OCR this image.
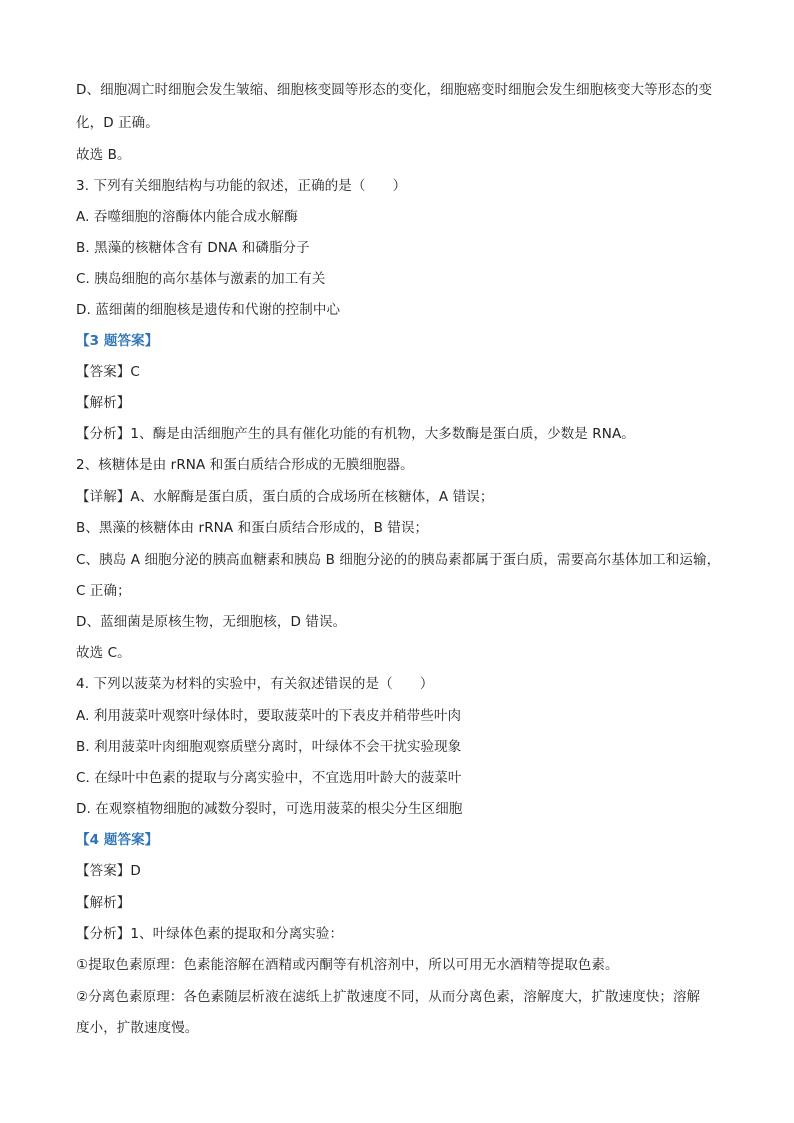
D、细胞凋亡时细胞会发生皱缩、细胞核变圆等形态的变化，细胞癌变时细胞会发生细胞核变大等形态的变
化，D 正确。
故选 B。
3. 下列有关细胞结构与功能的叙述，正确的是（　　）
A. 吞噬细胞的溶酶体内能合成水解酶
B. 黑藻的核糖体含有 DNA 和磷脂分子
C. 胰岛细胞的高尔基体与激素的加工有关
D. 蓝细菌的细胞核是遗传和代谢的控制中心
【3 题答案】
【答案】C
【解析】
【分析】1、酶是由活细胞产生的具有催化功能的有机物，大多数酶是蛋白质，少数是 RNA。
2、核糖体是由 rRNA 和蛋白质结合形成的无膜细胞器。
【详解】A、水解酶是蛋白质，蛋白质的合成场所在核糖体，A 错误；
B、黑藻的核糖体由 rRNA 和蛋白质结合形成的，B 错误；
C、胰岛 A 细胞分泌的胰高血糖素和胰岛 B 细胞分泌的的胰岛素都属于蛋白质，需要高尔基体加工和运输，
C 正确；
D、蓝细菌是原核生物，无细胞核，D 错误。
故选 C。
4. 下列以菠菜为材料的实验中，有关叙述错误的是（　　）
A. 利用菠菜叶观察叶绿体时，要取菠菜叶的下表皮并稍带些叶肉
B. 利用菠菜叶肉细胞观察质壁分离时，叶绿体不会干扰实验现象
C. 在绿叶中色素的提取与分离实验中，不宜选用叶龄大的菠菜叶
D. 在观察植物细胞的减数分裂时，可选用菠菜的根尖分生区细胞
【4 题答案】
【答案】D
【解析】
【分析】1、叶绿体色素的提取和分离实验：
①提取色素原理：色素能溶解在酒精或丙酮等有机溶剂中，所以可用无水酒精等提取色素。
②分离色素原理：各色素随层析液在滤纸上扩散速度不同，从而分离色素，溶解度大，扩散速度快；溶解
度小，扩散速度慢。
